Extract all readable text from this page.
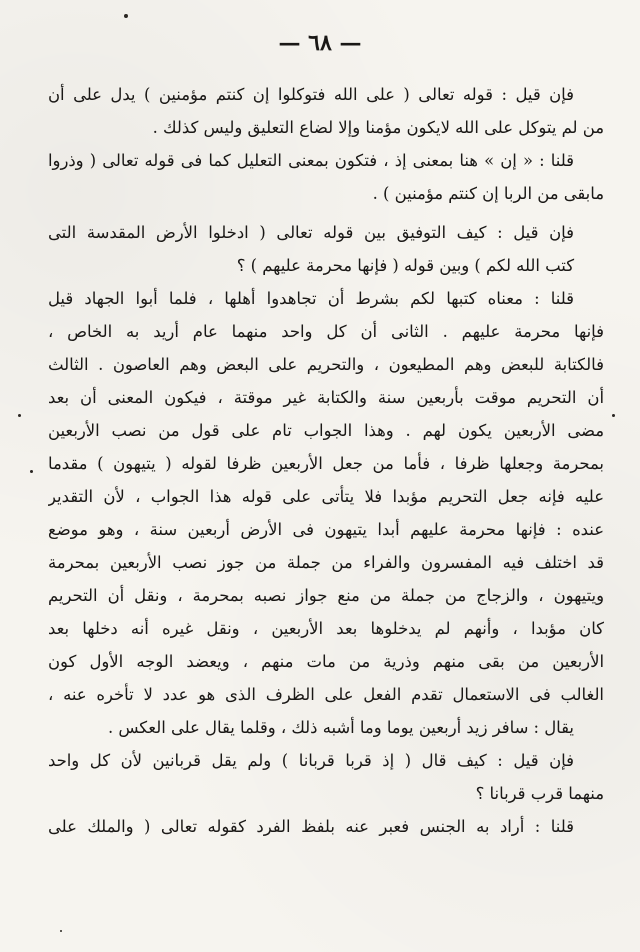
— ٦٨ —
فإن قيل : قوله تعالى ( على الله فتوكلوا إن كنتم مؤمنين ) يدل على أن
من لم يتوكل على الله لايكون مؤمنا وإلا لضاع التعليق وليس كذلك .
قلنا : « إن » هنا بمعنى إذ ، فتكون بمعنى التعليل كما فى قوله تعالى ( وذروا
مابقى من الربا إن كنتم مؤمنين ) .
فإن قيل : كيف التوفيق بين قوله تعالى ( ادخلوا الأرض المقدسة التى
كتب الله لكم ) وبين قوله ( فإنها محرمة عليهم ) ؟
قلنا : معناه كتبها لكم بشرط أن تجاهدوا أهلها ، فلما أبوا الجهاد قيل
فإنها محرمة عليهم . الثانى أن كل واحد منهما عام أريد به الخاص ،
فالكتابة للبعض وهم المطيعون ، والتحريم على البعض وهم العاصون . الثالث
أن التحريم موقت بأربعين سنة والكتابة غير موقتة ، فيكون المعنى أن بعد
مضى الأربعين يكون لهم . وهذا الجواب تام على قول من نصب الأربعين
بمحرمة وجعلها ظرفا ، فأما من جعل الأربعين ظرفا لقوله ( يتيهون ) مقدما
عليه فإنه جعل التحريم مؤبدا فلا يتأتى على قوله هذا الجواب ، لأن التقدير
عنده : فإنها محرمة عليهم أبدا يتيهون فى الأرض أربعين سنة ، وهو موضع
قد اختلف فيه المفسرون والفراء من جملة من جوز نصب الأربعين بمحرمة
ويتيهون ، والزجاج من جملة من منع جواز نصبه بمحرمة ، ونقل أن التحريم
كان مؤبدا ، وأنهم لم يدخلوها بعد الأربعين ، ونقل غيره أنه دخلها بعد
الأربعين من بقى منهم وذرية من مات منهم ، ويعضد الوجه الأول كون
الغالب فى الاستعمال تقدم الفعل على الظرف الذى هو عدد لا تأخره عنه ،
يقال : سافر زيد أربعين يوما وما أشبه ذلك ، وقلما يقال على العكس .
فإن قيل : كيف قال ( إذ قربا قربانا ) ولم يقل قربانين لأن كل واحد
منهما قرب قربانا ؟
قلنا : أراد به الجنس فعبر عنه بلفظ الفرد كقوله تعالى ( والملك على
